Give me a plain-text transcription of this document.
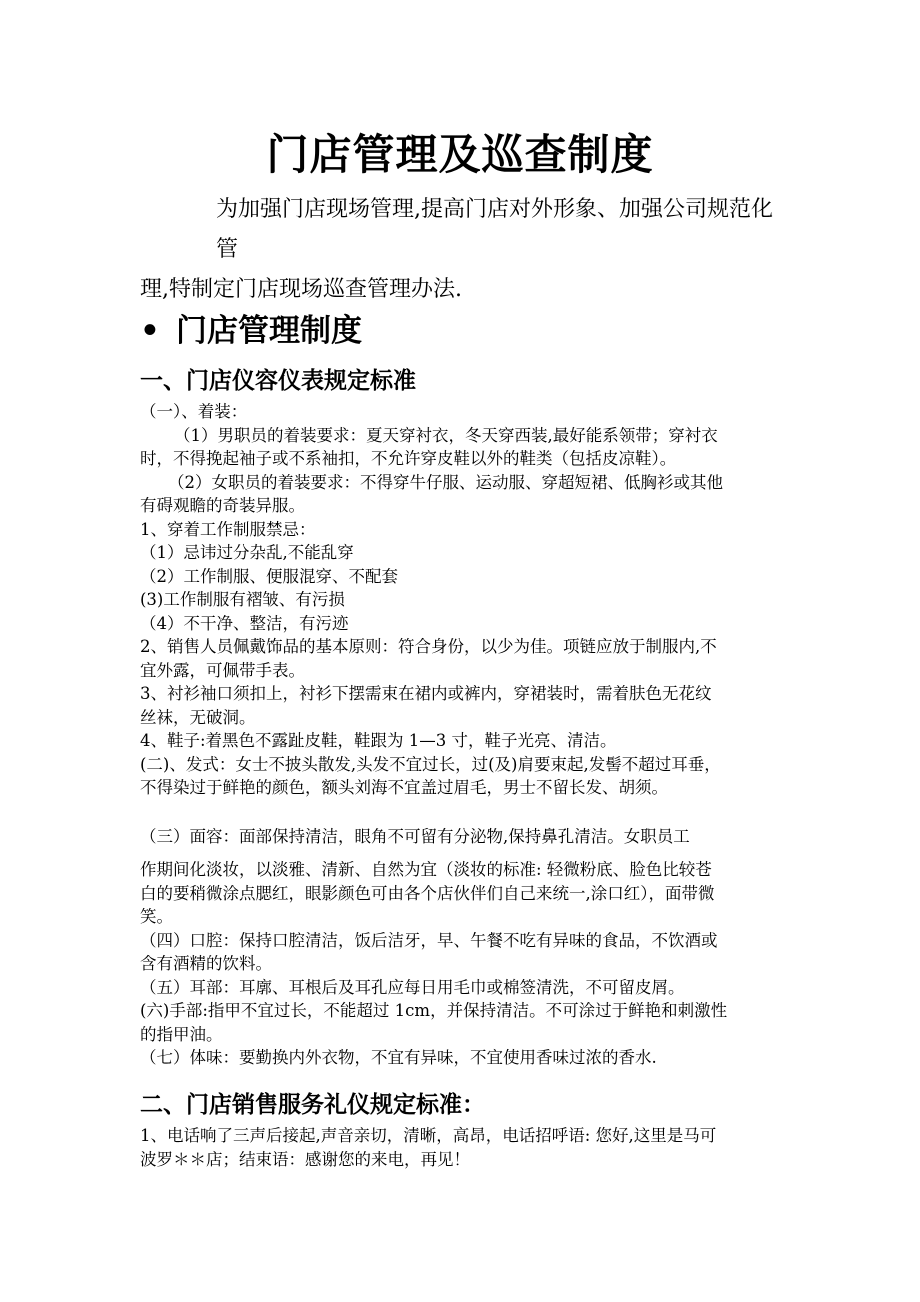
门店管理及巡查制度
为加强门店现场管理,提高门店对外形象、加强公司规范化管
理,特制定门店现场巡查管理办法.
• 门店管理制度
一、门店仪容仪表规定标准
（一）、着装：
（1）男职员的着装要求：夏天穿衬衣，冬天穿西装,最好能系领带；穿衬衣
时，不得挽起袖子或不系袖扣，不允许穿皮鞋以外的鞋类（包括皮凉鞋）。
（2）女职员的着装要求：不得穿牛仔服、运动服、穿超短裙、低胸衫或其他
有碍观瞻的奇装异服。
1、穿着工作制服禁忌：
（1）忌讳过分杂乱,不能乱穿
（2）工作制服、便服混穿、不配套
(3)工作制服有褶皱、有污损
（4）不干净、整洁，有污迹
2、销售人员佩戴饰品的基本原则：符合身份，以少为佳。项链应放于制服内,不
宜外露，可佩带手表。
3、衬衫袖口须扣上，衬衫下摆需束在裙内或裤内，穿裙装时，需着肤色无花纹
丝袜，无破洞。
4、鞋子:着黑色不露趾皮鞋，鞋跟为 1—3 寸，鞋子光亮、清洁。
(二)、发式：女士不披头散发,头发不宜过长，过(及)肩要束起,发髻不超过耳垂，
不得染过于鲜艳的颜色，额头刘海不宜盖过眉毛，男士不留长发、胡须。
（三）面容：面部保持清洁，眼角不可留有分泌物,保持鼻孔清洁。女职员工
作期间化淡妆，以淡雅、清新、自然为宜（淡妆的标准: 轻微粉底、脸色比较苍
白的要稍微涂点腮红，眼影颜色可由各个店伙伴们自己来统一,涂口红），面带微
笑。
（四）口腔：保持口腔清洁，饭后洁牙，早、午餐不吃有异味的食品，不饮酒或
含有酒精的饮料。
（五）耳部：耳廓、耳根后及耳孔应每日用毛巾或棉签清洗，不可留皮屑。
(六)手部:指甲不宜过长，不能超过 1cm，并保持清洁。不可涂过于鲜艳和刺激性
的指甲油。
（七）体味：要勤换内外衣物，不宜有异味，不宜使用香味过浓的香水.
二、门店销售服务礼仪规定标准：
1、电话响了三声后接起,声音亲切，清晰，高昂，电话招呼语: 您好,这里是马可
波罗＊＊店；结束语：感谢您的来电，再见！
